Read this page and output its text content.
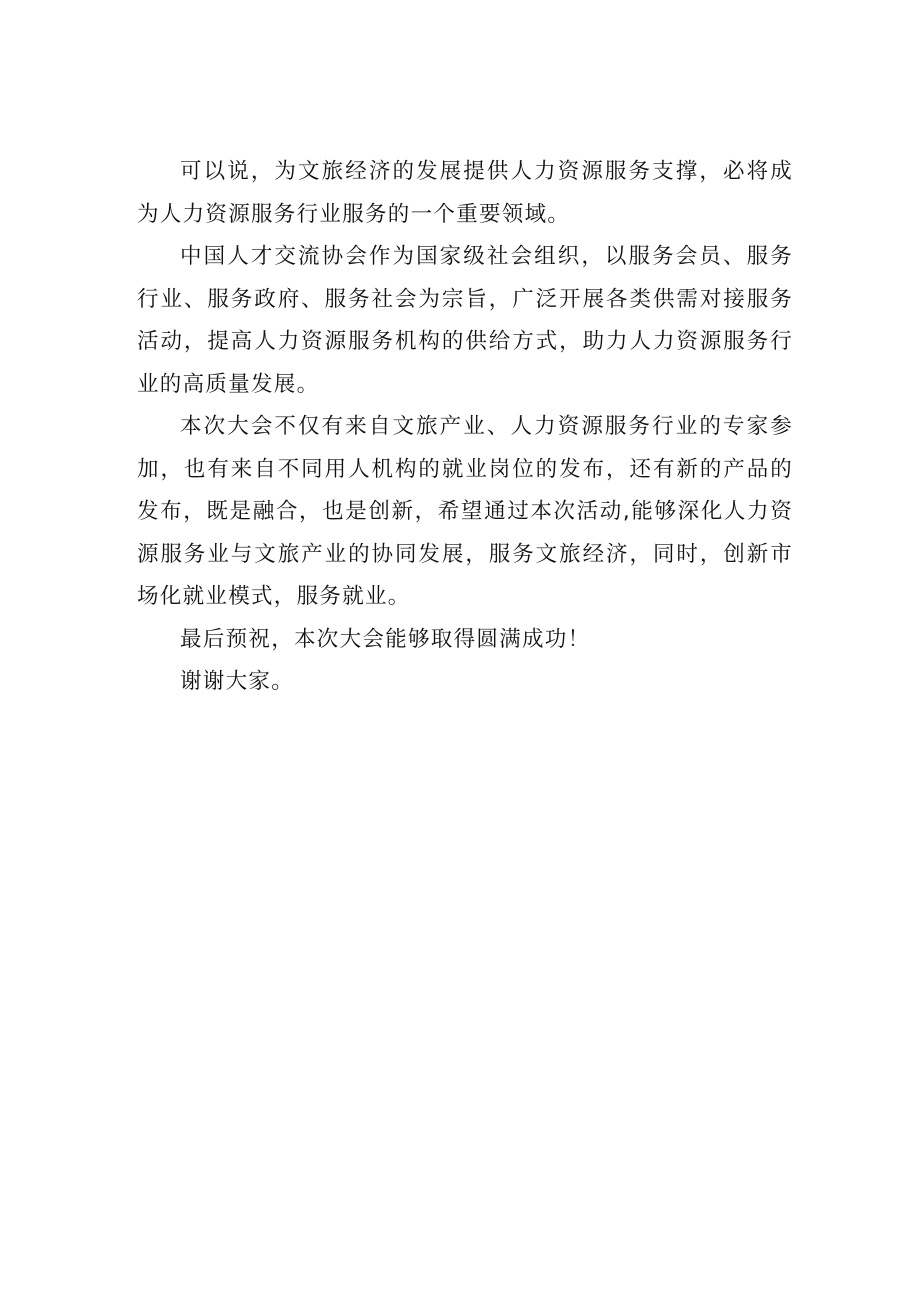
可以说，为文旅经济的发展提供人力资源服务支撑，必将成为人力资源服务行业服务的一个重要领域。

中国人才交流协会作为国家级社会组织，以服务会员、服务行业、服务政府、服务社会为宗旨，广泛开展各类供需对接服务活动，提高人力资源服务机构的供给方式，助力人力资源服务行业的高质量发展。

本次大会不仅有来自文旅产业、人力资源服务行业的专家参加，也有来自不同用人机构的就业岗位的发布，还有新的产品的发布，既是融合，也是创新，希望通过本次活动,能够深化人力资源服务业与文旅产业的协同发展，服务文旅经济，同时，创新市场化就业模式，服务就业。

最后预祝，本次大会能够取得圆满成功！

谢谢大家。
